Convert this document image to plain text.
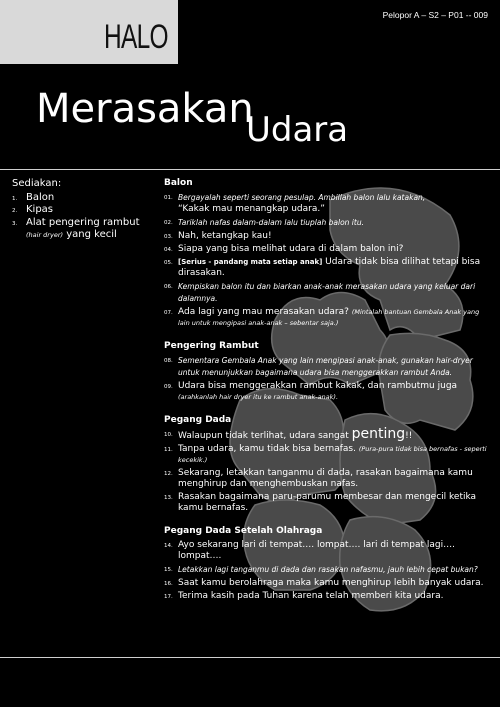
HALO
Pelopor A – S2 – P01 -- 009
Merasakan
Udara
Sediakan:
1. Balon
2. Kipas
3. Alat pengering rambut
(hair dryer) yang kecil
Balon
01. Bergayalah seperti seorang pesulap. Ambillah balon lalu katakan,
“Kakak mau menangkap udara.”
02. Tariklah nafas dalam-dalam lalu tiuplah balon itu.
03. Nah, ketangkap kau!
04. Siapa yang bisa melihat udara di dalam balon ini?
05. [Serius - pandang mata setiap anak] Udara tidak bisa dilihat tetapi bisa dirasakan.
06. Kempiskan balon itu dan biarkan anak-anak merasakan udara yang keluar dari dalamnya.
07. Ada lagi yang mau merasakan udara? (Mintalah bantuan Gembala Anak yang lain untuk mengipasi anak-anak – sebentar saja.)
Pengering Rambut
08. Sementara Gembala Anak yang lain mengipasi anak-anak, gunakan hair-dryer untuk menunjukkan bagaimana udara bisa menggerakkan rambut Anda.
09. Udara bisa menggerakkan rambut kakak, dan rambutmu juga (arahkanlah hair dryer itu ke rambut anak-anak).
Pegang Dada
10. Walaupun tidak terlihat, udara sangat penting!!
11. Tanpa udara, kamu tidak bisa bernafas. (Pura-pura tidak bisa bernafas - seperti kecekik.)
12. Sekarang, letakkan tanganmu di dada, rasakan bagaimana kamu menghirup dan menghembuskan nafas.
13. Rasakan bagaimana paru-parumu membesar dan mengecil ketika kamu bernafas.
Pegang Dada Setelah Olahraga
14. Ayo sekarang lari di tempat…. lompat…. lari di tempat lagi…. lompat….
15. Letakkan lagi tanganmu di dada dan rasakan nafasmu, jauh lebih cepat bukan?
16. Saat kamu berolahraga maka kamu menghirup lebih banyak udara.
17. Terima kasih pada Tuhan karena telah memberi kita udara.
